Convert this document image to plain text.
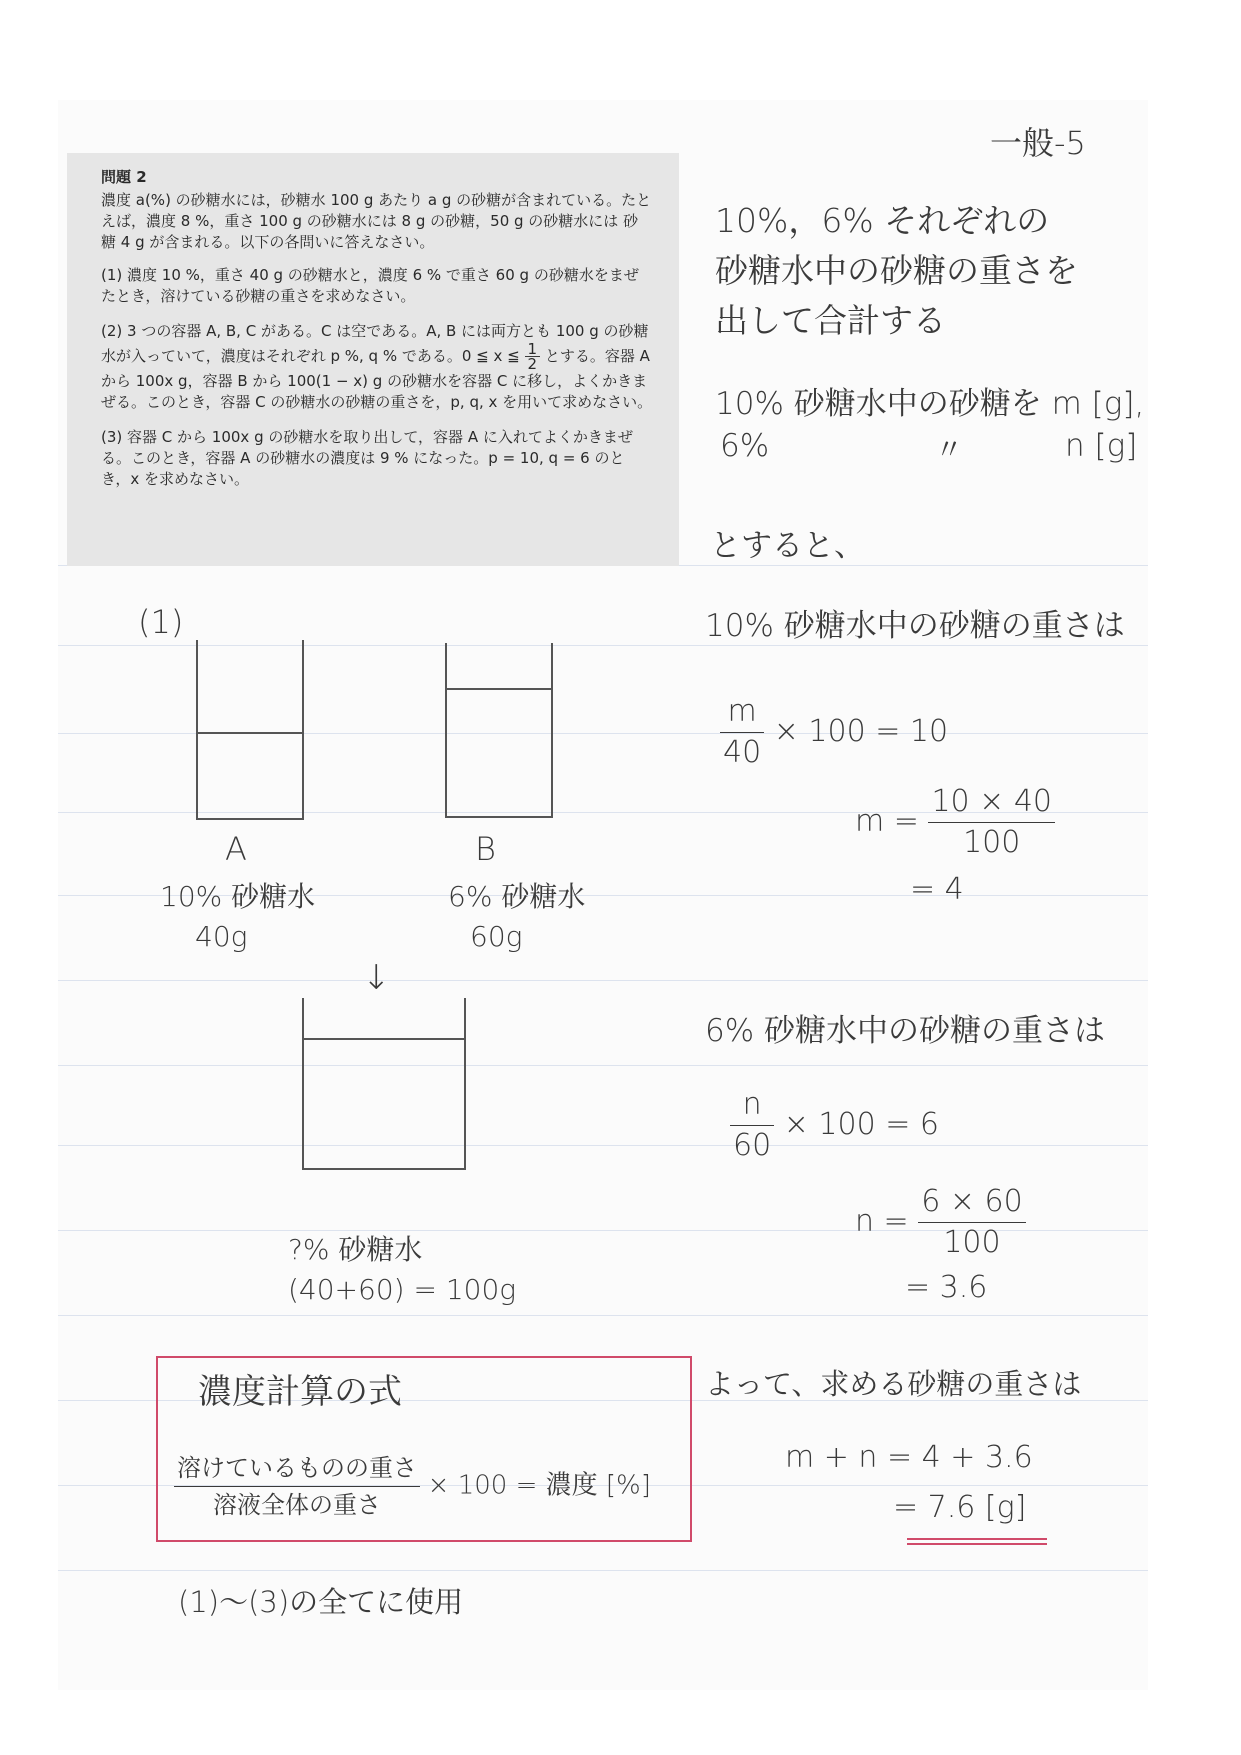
一般-5
問題 2

濃度 a(%) の砂糖水には，砂糖水 100 g あたり a g の砂糖が含まれている。たとえば，濃度 8 %，重さ 100 g の砂糖水には 8 g の砂糖，50 g の砂糖水には 砂糖 4 g が含まれる。以下の各問いに答えなさい。

(1) 濃度 10 %，重さ 40 g の砂糖水と，濃度 6 % で重さ 60 g の砂糖水をまぜたとき，溶けている砂糖の重さを求めなさい。
(2) 3 つの容器 A, B, C がある。C は空である。A, B には両方とも 100 g の砂糖水が入っていて，濃度はそれぞれ p %, q % である。0 ≦ x ≦ $\frac{1}{2}$ とする。容器 A から 100x g，容器 B から 100(1 − x) g の砂糖水を容器 C に移し，よくかきまぜる。このとき，容器 C の砂糖水の砂糖の重さを，p, q, x を用いて求めなさい。
(3) 容器 C から 100x g の砂糖水を取り出して，容器 A に入れてよくかきまぜる。このとき，容器 A の砂糖水の濃度は 9 % になった。p = 10, q = 6 のとき，x を求めなさい。
10%，6% それぞれの
砂糖水中の砂糖の重さを
出して合計する
10% 砂糖水中の砂糖を m [g],
6%	〃	n [g]
とすると、
10% 砂糖水中の砂糖の重さは
$\frac{m}{40} \times 100 = 10$
$m = \frac{10 \times 40}{100}$
= 4
6% 砂糖水中の砂糖の重さは
$\frac{n}{60} \times 100 = 6$
$n = \frac{6 \times 60}{100}$
= 3.6
よって、求める砂糖の重さは
m + n = 4 + 3.6
= 7.6 [g]
(1)
A
10% 砂糖水
40g
B
6% 砂糖水
60g
↓
?% 砂糖水
(40+60) = 100g
濃度計算の式
$\frac{\text{溶けているものの重さ}}{\text{溶液全体の重さ}} \times 100$ = 濃度 [%]
(1)〜(3)の全てに使用
